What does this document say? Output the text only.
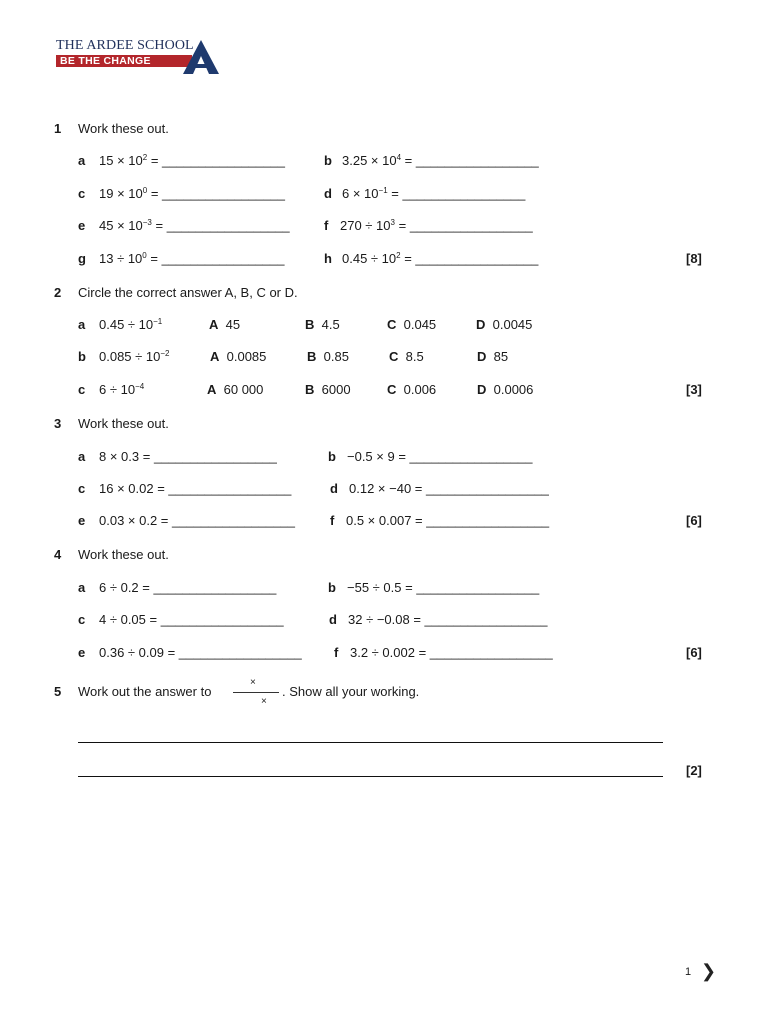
THE ARDEE SCHOOL
BE THE CHANGE
1 Work these out.
a $15 \times 10^2$ = _________________	b $3.25 \times 10^4$ = _________________
c $19 \times 10^0$ = _________________	d $6 \times 10^{-1}$ = _________________
e $45 \times 10^{-3}$ = _________________	f $270 \div 10^3$ = _________________
g $13 \div 10^0$ = _________________	h $0.45 \div 10^2$ = _________________	[8]
2 Circle the correct answer A, B, C or D.
a $0.45 \div 10^{-1}$	A 45	B 4.5	C 0.045	D 0.0045
b $0.085 \div 10^{-2}$	A 0.0085	B 0.85	C 8.5	D 85
c $6 \div 10^{-4}$	A 60 000	B 6000	C 0.006	D 0.0006	[3]
3 Work these out.
a 8 × 0.3 = _________________	b −0.5 × 9 = _________________
c 16 × 0.02 = _________________	d 0.12 × −40 = _________________
e 0.03 × 0.2 = _________________	f 0.5 × 0.007 = _________________	[6]
4 Work these out.
a 6 ÷ 0.2 = _________________	b −55 ÷ 0.5 = _________________
c 4 ÷ 0.05 = _________________	d 32 ÷ −0.08 = _________________
e 0.36 ÷ 0.09 = _________________ f 3.2 ÷ 0.002 = _________________	[6]
5 Work out the answer to
×
×
. Show all your working.
[2]
1 ❯
